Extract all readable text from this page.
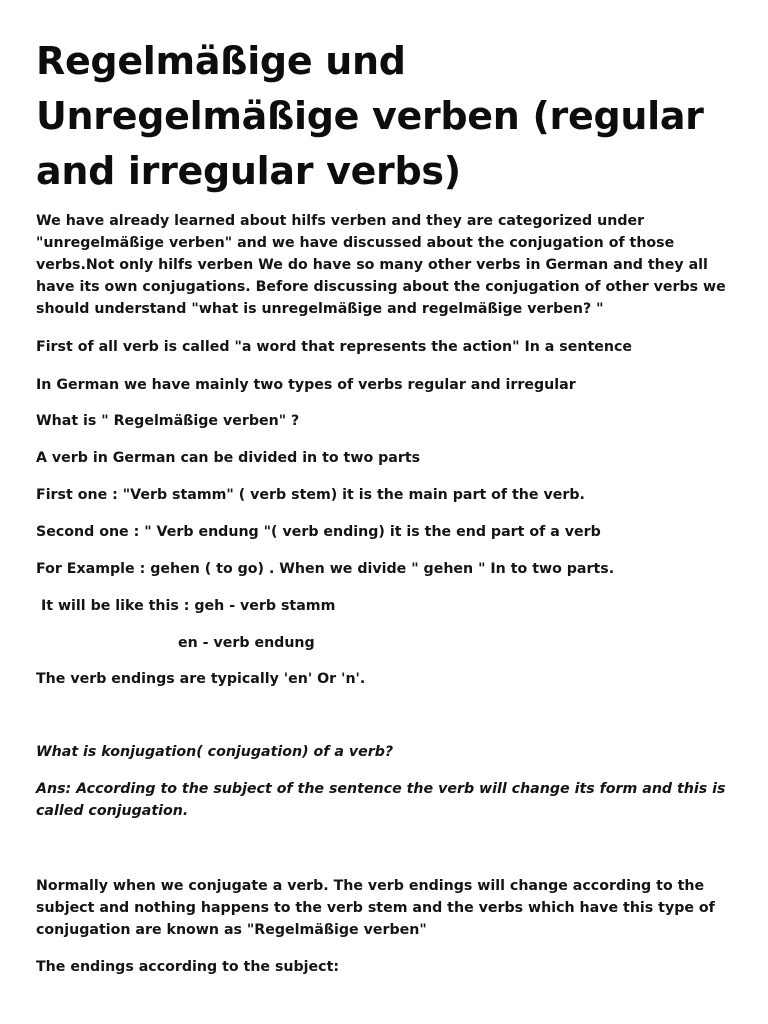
Regelmäßige und Unregelmäßige verben (regular and irregular verbs)

We have already learned about hilfs verben and they are categorized under "unregelmäßige verben" and we have discussed about the conjugation of those verbs.Not only hilfs verben We do have so many other verbs in German and they all have its own conjugations. Before discussing about the conjugation of other verbs we should understand "what is unregelmäßige and regelmäßige verben? "

First of all verb is called "a word that represents the action" In a sentence

In German we have mainly two types of verbs regular and irregular

What is " Regelmäßige verben" ?

A verb in German can be divided in to two parts

First one : "Verb stamm" ( verb stem) it is the main part of the verb.

Second one : " Verb endung "( verb ending) it is the end part of a verb

For Example : gehen ( to go) . When we divide " gehen " In to two parts.

It will be like this : geh - verb stamm

en - verb endung

The verb endings are typically 'en' Or 'n'.

What is konjugation( conjugation) of a verb?

Ans: According to the subject of the sentence the verb will change its form and this is called conjugation.

Normally when we conjugate a verb. The verb endings will change according to the subject and nothing happens to the verb stem and the verbs which have this type of conjugation are known as "Regelmäßige verben"

The endings according to the subject:
